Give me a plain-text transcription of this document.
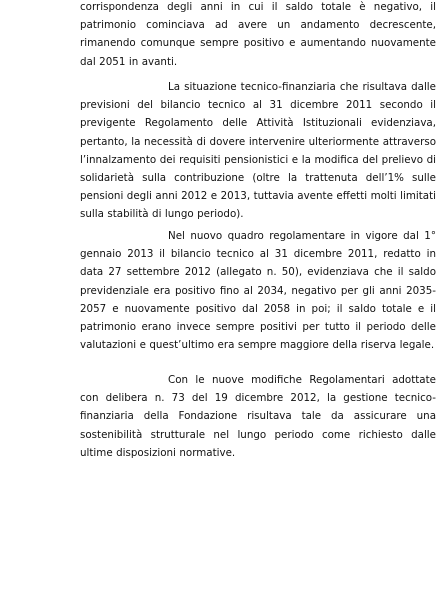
corrispondenza degli anni in cui il saldo totale è negativo, il patrimonio cominciava ad avere un andamento decrescente, rimanendo comunque sempre positivo e aumentando nuovamente dal 2051 in avanti.

La situazione tecnico-finanziaria che risultava dalle previsioni del bilancio tecnico al 31 dicembre 2011 secondo il previgente Regolamento delle Attività Istituzionali evidenziava, pertanto, la necessità di dovere intervenire ulteriormente attraverso l’innalzamento dei requisiti pensionistici e la modifica del prelievo di solidarietà sulla contribuzione (oltre la trattenuta dell’1% sulle pensioni degli anni 2012 e 2013, tuttavia avente effetti molti limitati sulla stabilità di lungo periodo).

Nel nuovo quadro regolamentare in vigore dal 1° gennaio 2013 il bilancio tecnico al 31 dicembre 2011, redatto in data 27 settembre 2012 (allegato n. 50), evidenziava che il saldo previdenziale era positivo fino al 2034, negativo per gli anni 2035-2057 e nuovamente positivo dal 2058 in poi; il saldo totale e il patrimonio erano invece sempre positivi per tutto il periodo delle valutazioni e quest’ultimo era sempre maggiore della riserva legale.

Con le nuove modifiche Regolamentari adottate con delibera n. 73 del 19 dicembre 2012, la gestione tecnico-finanziaria della Fondazione risultava tale da assicurare una sostenibilità strutturale nel lungo periodo come richiesto dalle ultime disposizioni normative.
